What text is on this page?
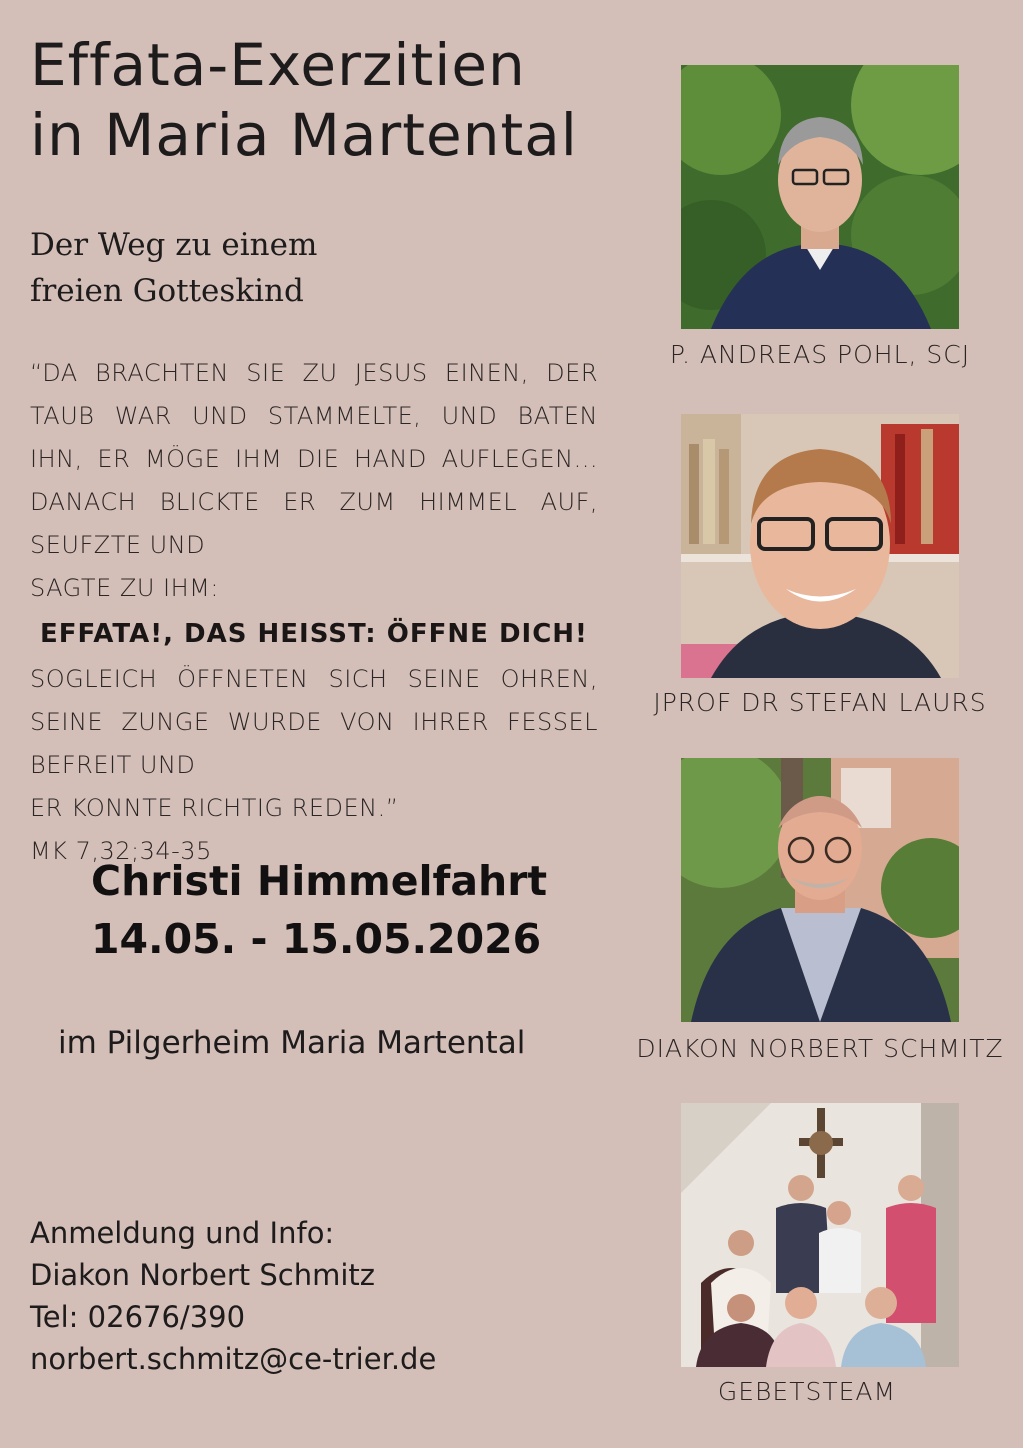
Effata-Exerzitien
in Maria Martental
Der Weg zu einem
freien Gotteskind

“DA BRACHTEN SIE ZU JESUS EINEN, DER TAUB WAR UND STAMMELTE, UND BATEN IHN, ER MÖGE IHM DIE HAND AUFLEGEN... DANACH BLICKTE ER ZUM HIMMEL AUF, SEUFZTE UND

SAGTE ZU IHM:

EFFATA!, DAS HEISST: ÖFFNE DICH!

SOGLEICH ÖFFNETEN SICH SEINE OHREN, SEINE ZUNGE WURDE VON IHRER FESSEL BEFREIT UND

ER KONNTE RICHTIG REDEN.”

MK 7,32;34-35

Christi Himmelfahrt
14.05. - 15.05.2026
im Pilgerheim Maria Martental
Anmeldung und Info:
Diakon Norbert Schmitz
Tel: 02676/390
norbert.schmitz@ce-trier.de
P. ANDREAS POHL, SCJ
JPROF DR STEFAN LAURS
DIAKON NORBERT SCHMITZ
GEBETSTEAM
